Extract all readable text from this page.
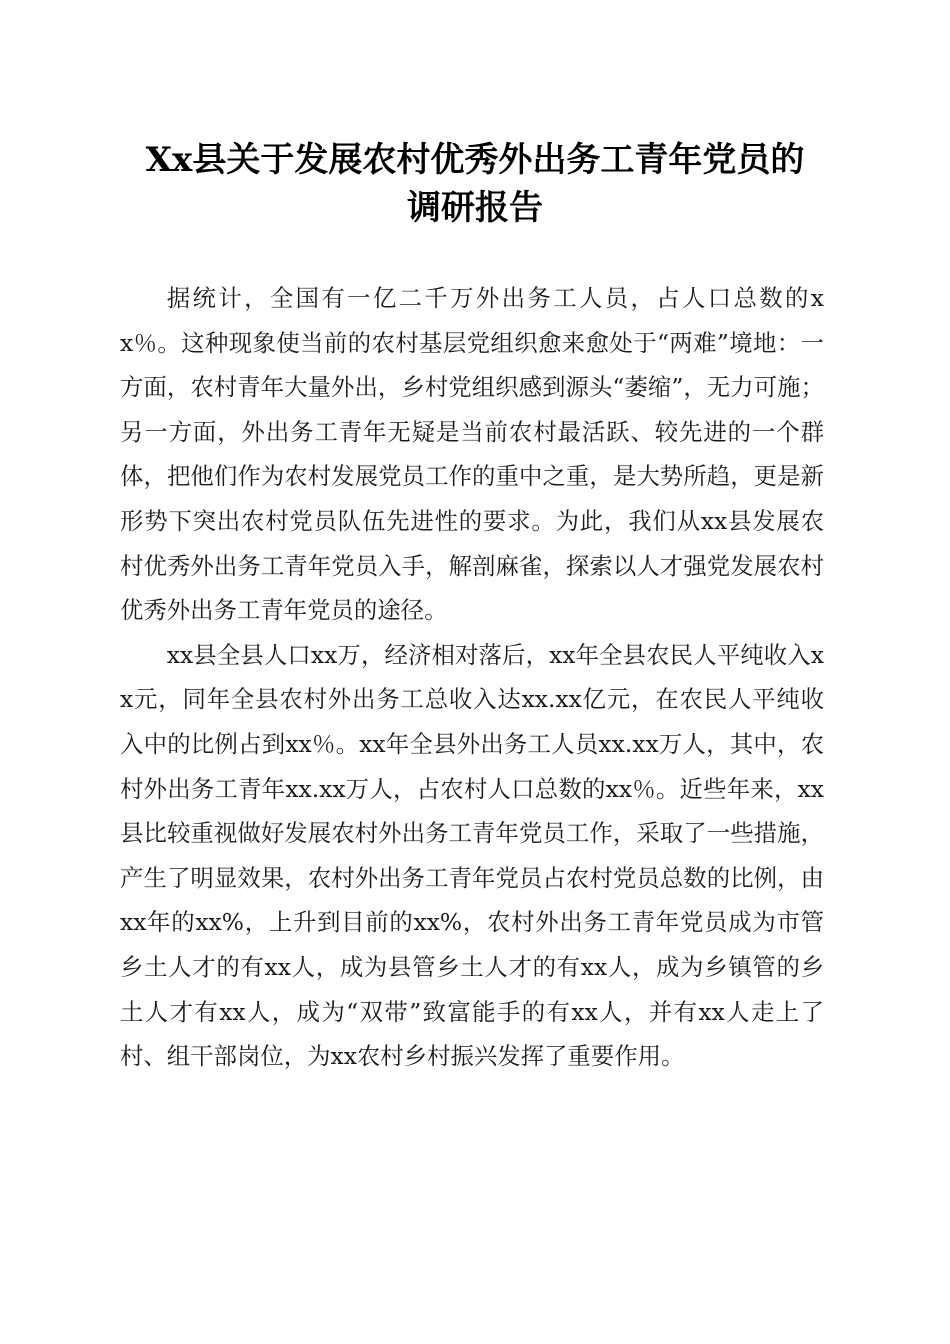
Xx县关于发展农村优秀外出务工青年党员的
调研报告

据统计，全国有一亿二千万外出务工人员，占人口总数的xx％。这种现象使当前的农村基层党组织愈来愈处于“两难”境地：一方面，农村青年大量外出，乡村党组织感到源头“萎缩”，无力可施；另一方面，外出务工青年无疑是当前农村最活跃、较先进的一个群体，把他们作为农村发展党员工作的重中之重，是大势所趋，更是新形势下突出农村党员队伍先进性的要求。为此，我们从xx县发展农村优秀外出务工青年党员入手，解剖麻雀，探索以人才强党发展农村优秀外出务工青年党员的途径。

xx县全县人口xx万，经济相对落后，xx年全县农民人平纯收入xx元，同年全县农村外出务工总收入达xx.xx亿元，在农民人平纯收入中的比例占到xx％。xx年全县外出务工人员xx.xx万人，其中，农村外出务工青年xx.xx万人，占农村人口总数的xx％。近些年来，xx县比较重视做好发展农村外出务工青年党员工作，采取了一些措施，产生了明显效果，农村外出务工青年党员占农村党员总数的比例，由xx年的xx%，上升到目前的xx%，农村外出务工青年党员成为市管乡土人才的有xx人，成为县管乡土人才的有xx人，成为乡镇管的乡土人才有xx人，成为“双带”致富能手的有xx人，并有xx人走上了村、组干部岗位，为xx农村乡村振兴发挥了重要作用。
